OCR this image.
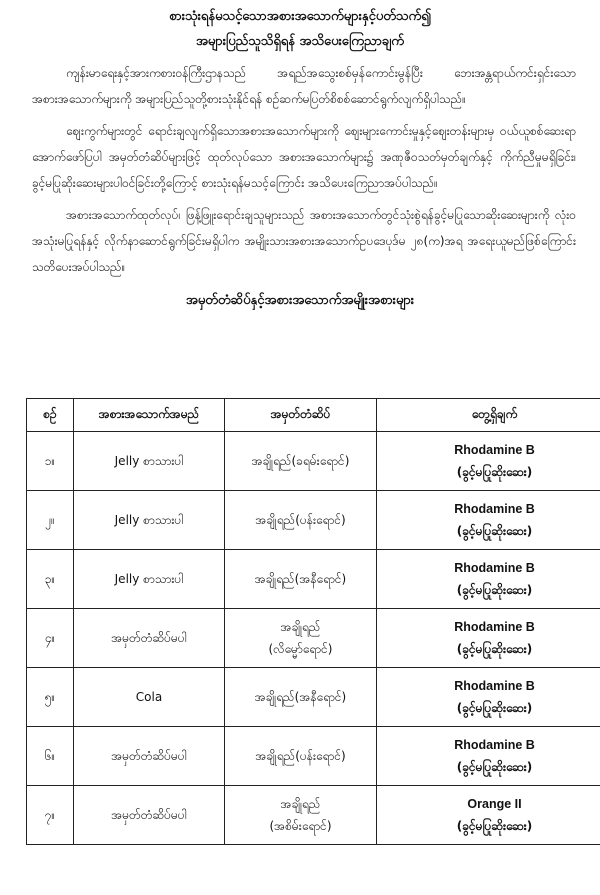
စားသုံးရန်မသင့်သောအစားအသောက်များနှင့်ပတ်သက်၍
အများပြည်သူသိရှိရန် အသိပေးကြေညာချက်

ကျန်းမာရေးနှင့်အားကစားဝန်ကြီးဌာနသည် အရည်အသွေးစစ်မှန်ကောင်းမွန်ပြီး ဘေးအန္တရာယ်ကင်းရှင်းသော အစားအသောက်များကို အများပြည်သူတို့စားသုံးနိုင်ရန် စဥ်ဆက်မပြတ်စိစစ်ဆောင်ရွက်လျက်ရှိပါသည်။

ဈေးကွက်များတွင် ရောင်းချလျက်ရှိသောအစားအသောက်များကို ဈေးများကောင်းမှုနှင့်ဈေးတန်းများမှ ဝယ်ယူစစ်ဆေးရာ အောက်ဖော်ပြပါ အမှတ်တံဆိပ်များဖြင့် ထုတ်လုပ်သော အစားအသောက်များ၌ အဏုဇီဝသတ်မှတ်ချက်နှင့် ကိုက်ညီမှုမရှိခြင်း၊ ခွင့်မပြုဆိုးဆေးများပါဝင်ခြင်းတို့ကြောင့် စားသုံးရန်မသင့်ကြောင်း အသိပေးကြေညာအပ်ပါသည်။

အစားအသောက်ထုတ်လုပ်၊ ဖြန့်ဖြူးရောင်းချသူများသည် အစားအသောက်တွင်သုံးစွဲရန်ခွင့်မပြုသောဆိုးဆေးများကို လုံးဝအသုံးမပြုရန်နှင့် လိုက်နာဆောင်ရွက်ခြင်းမရှိပါက အမျိုးသားအစားအသောက်ဥပဒေပုဒ်မ ၂၈(က)အရ အရေးယူမည်ဖြစ်ကြောင်း သတိပေးအပ်ပါသည်။

အမှတ်တံဆိပ်နှင့်အစားအသောက်အမျိုးအစားများ
စဥ်	အစားအသောက်အမည်	အမှတ်တံဆိပ်	တွေ့ရှိချက်
၁။	Jelly စာသားပါ	အချိုရည်(ခရမ်းရောင်)	Rhodamine B
(ခွင့်မပြုဆိုးဆေး)

၂။	Jelly စာသားပါ	အချိုရည်(ပန်းရောင်)	Rhodamine B
(ခွင့်မပြုဆိုးဆေး)

၃။	Jelly စာသားပါ	အချိုရည်(အနီရောင်)	Rhodamine B
(ခွင့်မပြုဆိုးဆေး)

၄။	အမှတ်တံဆိပ်မပါ	အချိုရည်
(လိမ္မော်ရောင်)	Rhodamine B
(ခွင့်မပြုဆိုးဆေး)

၅။	Cola	အချိုရည်(အနီရောင်)	Rhodamine B
(ခွင့်မပြုဆိုးဆေး)

၆။	အမှတ်တံဆိပ်မပါ	အချိုရည်(ပန်းရောင်)	Rhodamine B
(ခွင့်မပြုဆိုးဆေး)

၇။	အမှတ်တံဆိပ်မပါ	အချိုရည်
(အစိမ်းရောင်)	Orange II
(ခွင့်မပြုဆိုးဆေး)
